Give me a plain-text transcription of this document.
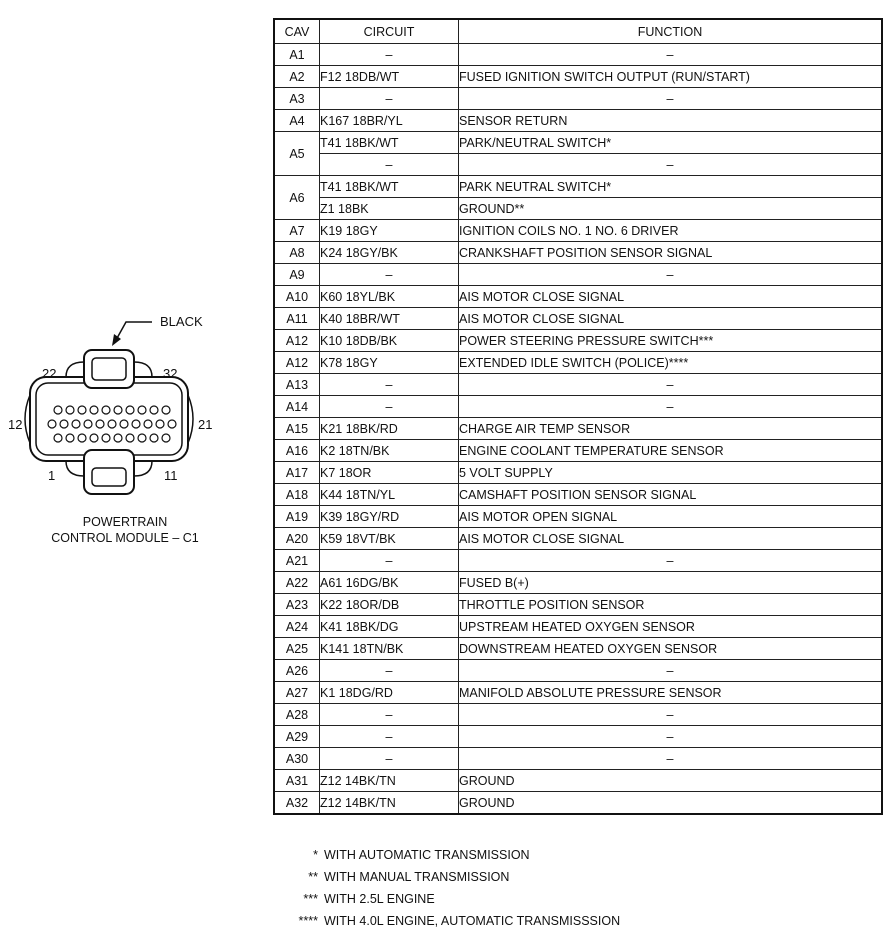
BLACK
22	32
12	21
1	11
POWERTRAIN
CONTROL MODULE – C1
CAV	CIRCUIT	FUNCTION
A1	–	–
A2	F12 18DB/WT	FUSED IGNITION SWITCH OUTPUT (RUN/START)
A3	–	–
A4	K167 18BR/YL	SENSOR RETURN
A5	T41 18BK/WT	PARK/NEUTRAL SWITCH*
	–	–
A6	T41 18BK/WT	PARK NEUTRAL SWITCH*
	Z1 18BK	GROUND**
A7	K19 18GY	IGNITION COILS NO. 1 NO. 6 DRIVER
A8	K24 18GY/BK	CRANKSHAFT POSITION SENSOR SIGNAL
A9	–	–
A10	K60 18YL/BK	AIS MOTOR CLOSE SIGNAL
A11	K40 18BR/WT	AIS MOTOR CLOSE SIGNAL
A12	K10 18DB/BK	POWER STEERING PRESSURE SWITCH***
A12	K78 18GY	EXTENDED IDLE SWITCH (POLICE)****
A13	–	–
A14	–	–
A15	K21 18BK/RD	CHARGE AIR TEMP SENSOR
A16	K2 18TN/BK	ENGINE COOLANT TEMPERATURE SENSOR
A17	K7 18OR	5 VOLT SUPPLY
A18	K44 18TN/YL	CAMSHAFT POSITION SENSOR SIGNAL
A19	K39 18GY/RD	AIS MOTOR OPEN SIGNAL
A20	K59 18VT/BK	AIS MOTOR CLOSE SIGNAL
A21	–	–
A22	A61 16DG/BK	FUSED B(+)
A23	K22 18OR/DB	THROTTLE POSITION SENSOR
A24	K41 18BK/DG	UPSTREAM HEATED OXYGEN SENSOR
A25	K141 18TN/BK	DOWNSTREAM HEATED OXYGEN SENSOR
A26	–	–
A27	K1 18DG/RD	MANIFOLD ABSOLUTE PRESSURE SENSOR
A28	–	–
A29	–	–
A30	–	–
A31	Z12 14BK/TN	GROUND
A32	Z12 14BK/TN	GROUND
* WITH AUTOMATIC TRANSMISSION
** WITH MANUAL TRANSMISSION
*** WITH 2.5L ENGINE
**** WITH 4.0L ENGINE, AUTOMATIC TRANSMISSSION
